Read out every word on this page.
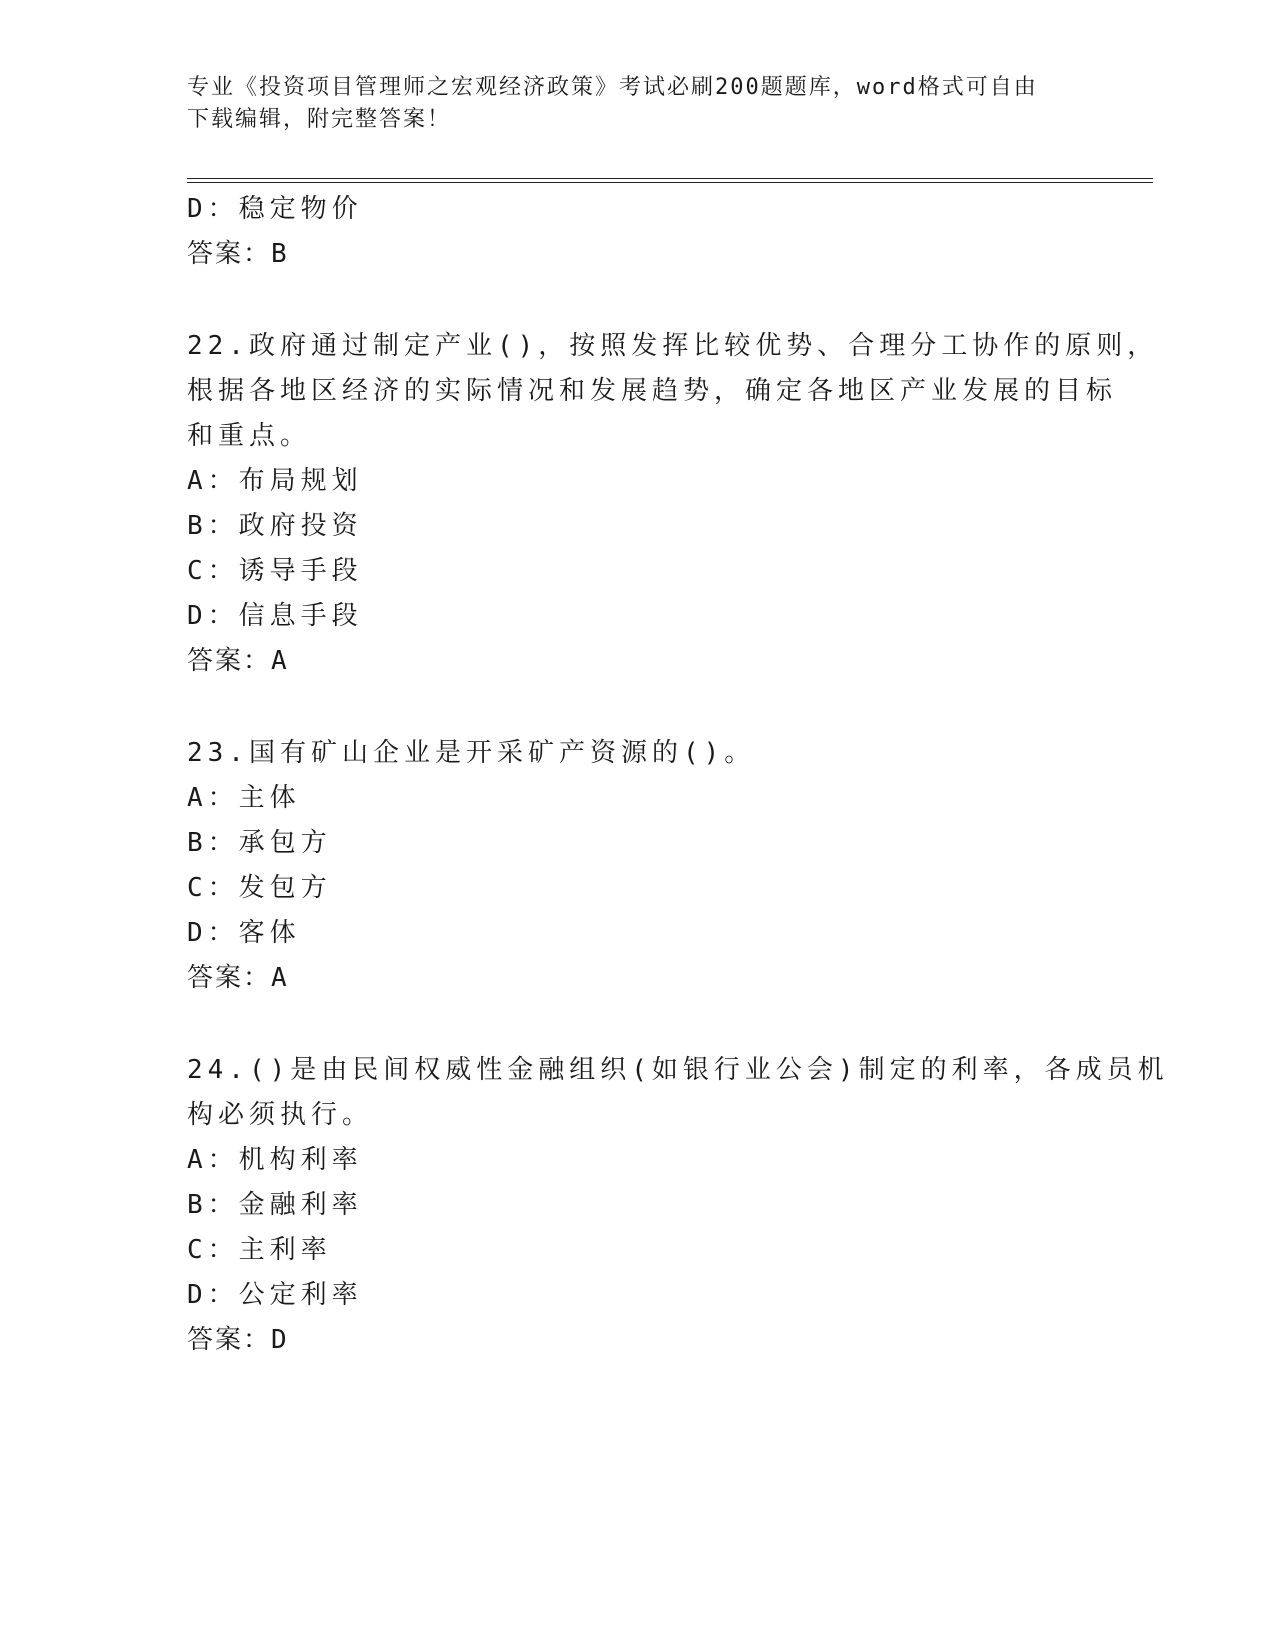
专业《投资项目管理师之宏观经济政策》考试必刷200题题库，word格式可自由
下载编辑，附完整答案！
D：稳定物价
答案：B
22.政府通过制定产业()，按照发挥比较优势、合理分工协作的原则，
根据各地区经济的实际情况和发展趋势，确定各地区产业发展的目标
和重点。
A：布局规划
B：政府投资
C：诱导手段
D：信息手段
答案：A
23.国有矿山企业是开采矿产资源的()。
A：主体
B：承包方
C：发包方
D：客体
答案：A
24.()是由民间权威性金融组织(如银行业公会)制定的利率，各成员机
构必须执行。
A：机构利率
B：金融利率
C：主利率
D：公定利率
答案：D
